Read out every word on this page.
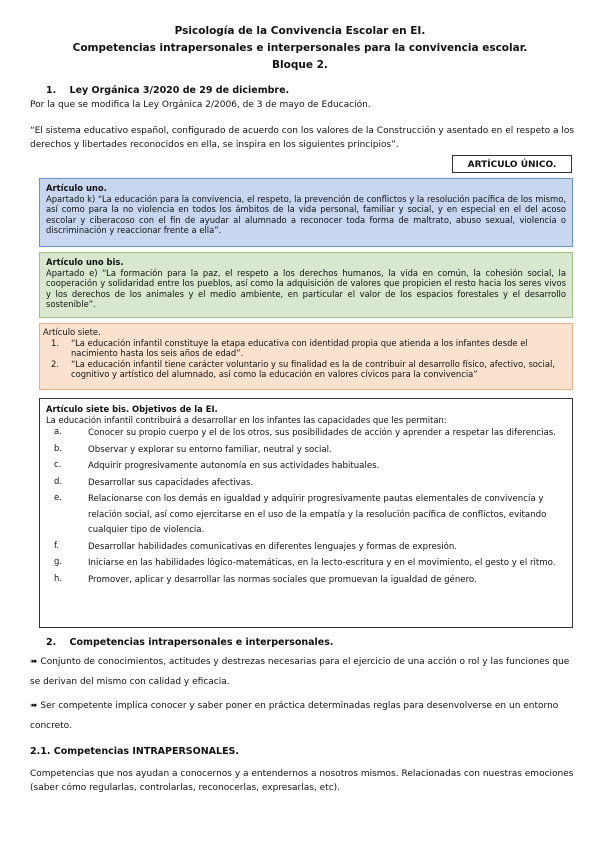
Psicología de la Convivencia Escolar en EI.
Competencias intrapersonales e interpersonales para la convivencia escolar.
Bloque 2.
1. Ley Orgánica 3/2020 de 29 de diciembre.
Por la que se modifica la Ley Orgánica 2/2006, de 3 de mayo de Educación.
“El sistema educativo español, configurado de acuerdo con los valores de la Construcción y asentado en el respeto a los derechos y libertades reconocidos en ella, se inspira en los siguientes principios”.
ARTÍCULO ÚNICO.
Artículo uno.
Apartado k) “La educación para la convivencia, el respeto, la prevención de conflictos y la resolución pacífica de los mismo, así como para la no violencia en todos los ámbitos de la vida personal, familiar y social, y en especial en el del acoso escolar y ciberacoso con el fin de ayudar al alumnado a reconocer toda forma de maltrato, abuso sexual, violencia o discriminación y reaccionar frente a ella”.
Artículo uno bis.
Apartado e) “La formación para la paz, el respeto a los derechos humanos, la vida en común, la cohesión social, la cooperación y solidaridad entre los pueblos, así como la adquisición de valores que propicien el resto hacia los seres vivos y los derechos de los animales y el medio ambiente, en particular el valor de los espacios forestales y el desarrollo sostenible”.
Artículo siete.
1.	“La educación infantil constituye la etapa educativa con identidad propia que atienda a los infantes desde el nacimiento hasta los seis años de edad”.
2.	“La educación infantil tiene carácter voluntario y su finalidad es la de contribuir al desarrollo físico, afectivo, social, cognitivo y artístico del alumnado, así como la educación en valores cívicos para la convivencia”
Artículo siete bis. Objetivos de la EI.
La educación infantil contribuirá a desarrollar en los infantes las capacidades que les permitan:
a.	Conocer su propio cuerpo y el de los otros, sus posibilidades de acción y aprender a respetar las diferencias.
b.	Observar y explorar su entorno familiar, neutral y social.
c.	Adquirir progresivamente autonomía en sus actividades habituales.
d.	Desarrollar sus capacidades afectivas.
e.	Relacionarse con los demás en igualdad y adquirir progresivamente pautas elementales de convivencia y relación social, así como ejercitarse en el uso de la empatía y la resolución pacífica de conflictos, evitando cualquier tipo de violencia.
f.	Desarrollar habilidades comunicativas en diferentes lenguajes y formas de expresión.
g.	Iniciarse en las habilidades lógico-matemáticas, en la lecto-escritura y en el movimiento, el gesto y el ritmo.
h.	Promover, aplicar y desarrollar las normas sociales que promuevan la igualdad de género.
2. Competencias intrapersonales e interpersonales.
➠ Conjunto de conocimientos, actitudes y destrezas necesarias para el ejercicio de una acción o rol y las funciones que se derivan del mismo con calidad y eficacia.
➠ Ser competente implica conocer y saber poner en práctica determinadas reglas para desenvolverse en un entorno concreto.
2.1. Competencias INTRAPERSONALES.
Competencias que nos ayudan a conocernos y a entendernos a nosotros mismos. Relacionadas con nuestras emociones (saber cómo regularlas, controlarlas, reconocerlas, expresarlas, etc).
